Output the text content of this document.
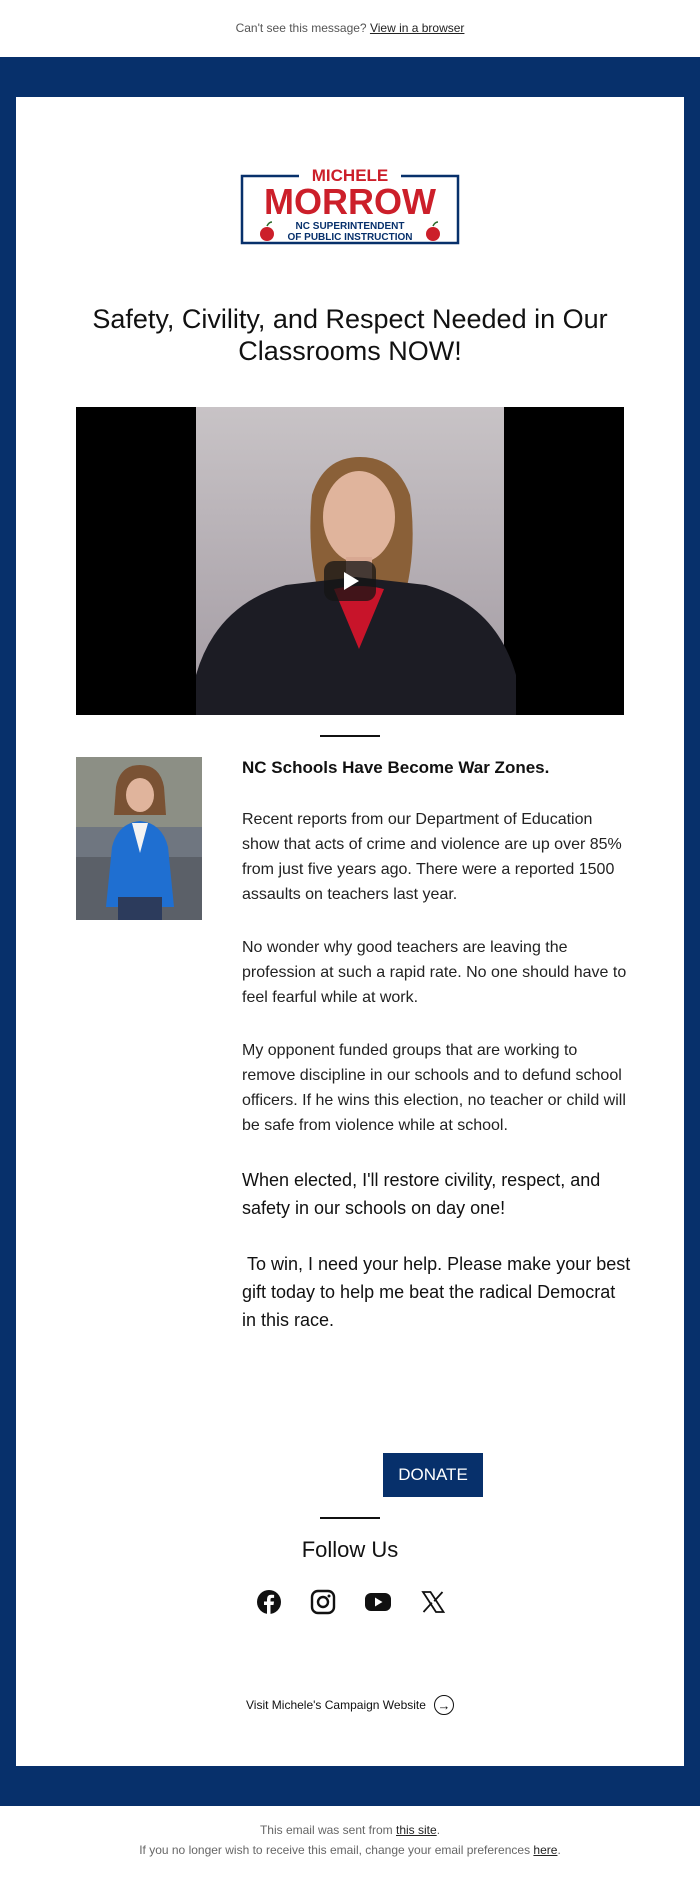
Can't see this message? View in a browser
MICHELE
MORROW
NC SUPERINTENDENT
OF PUBLIC INSTRUCTION
Safety, Civility, and Respect Needed in Our Classrooms NOW!
NC Schools Have Become War Zones.

Recent reports from our Department of Education show that acts of crime and violence are up over 85% from just five years ago. There were a reported 1500 assaults on teachers last year.

No wonder why good teachers are leaving the profession at such a rapid rate. No one should have to feel fearful while at work.

My opponent funded groups that are working to remove discipline in our schools and to defund school officers. If he wins this election, no teacher or child will be safe from violence while at school.

When elected, I'll restore civility, respect, and safety in our schools on day one!

To win, I need your help. Please make your best gift today to help me beat the radical Democrat in this race.

DONATE
Follow Us
Visit Michele's Campaign Website →
This email was sent from this site.
If you no longer wish to receive this email, change your email preferences here.
